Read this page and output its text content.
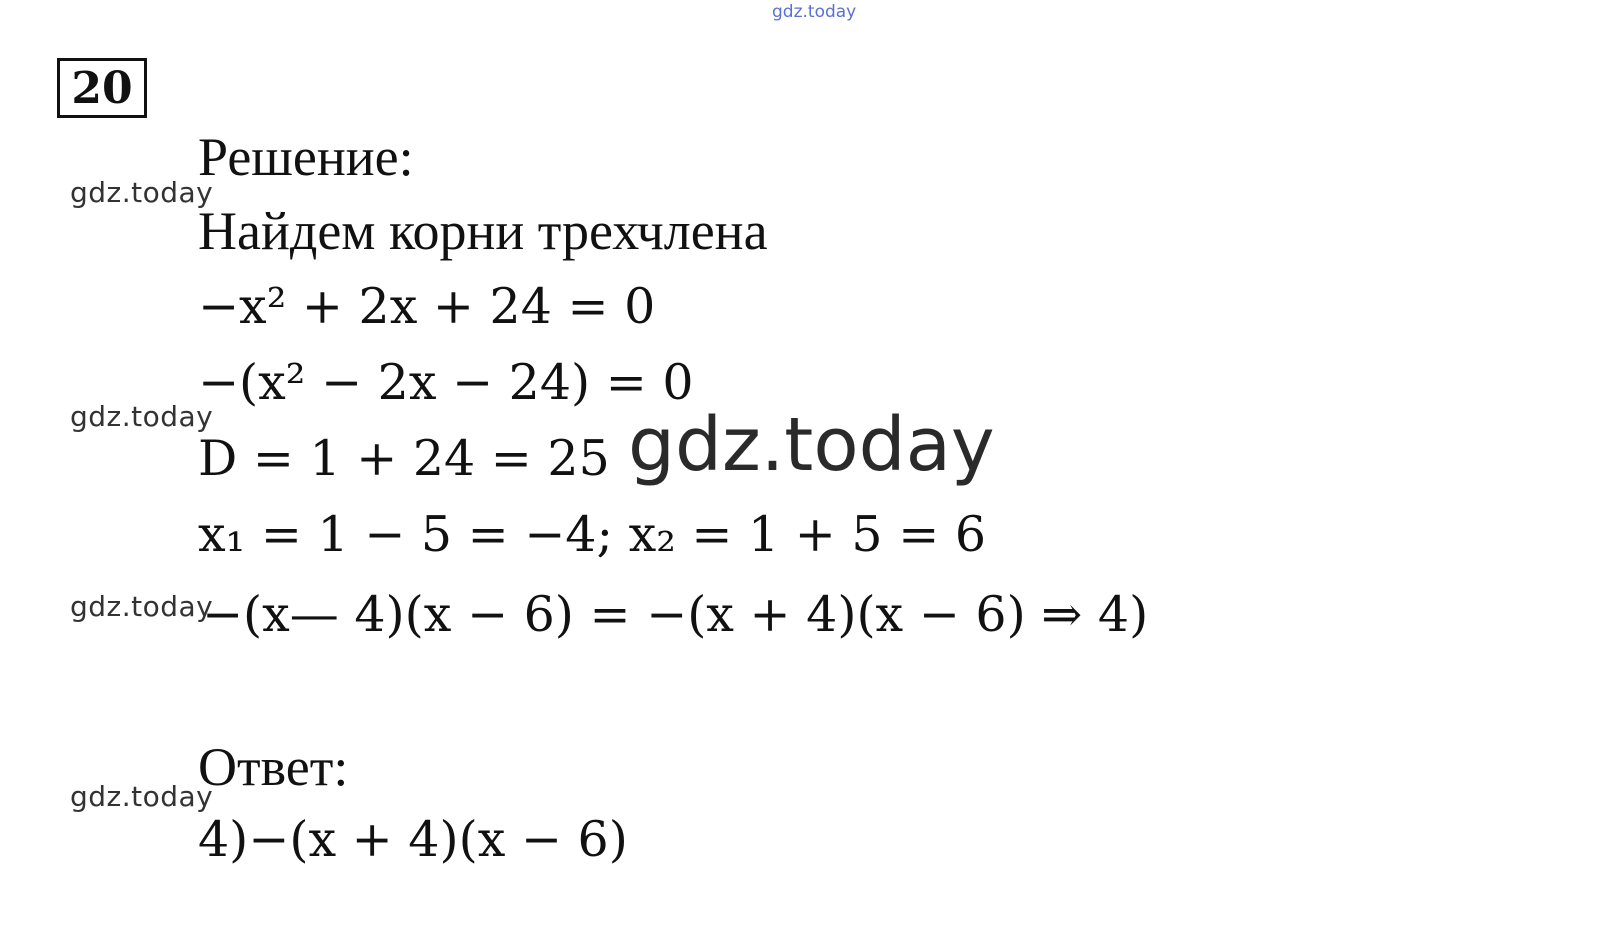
gdz.today
20
Решение:
gdz.today
Найдем корни трехчлена
−x² + 2x + 24 = 0
−(x² − 2x − 24) = 0
gdz.today
D = 1 + 24 = 25 gdz.today
x₁ = 1 − 5 = −4; x₂ = 1 + 5 = 6
gdz.today
−(x— 4)(x − 6) = −(x + 4)(x − 6) ⇒ 4)
Ответ:
gdz.today
4)−(x + 4)(x − 6)
